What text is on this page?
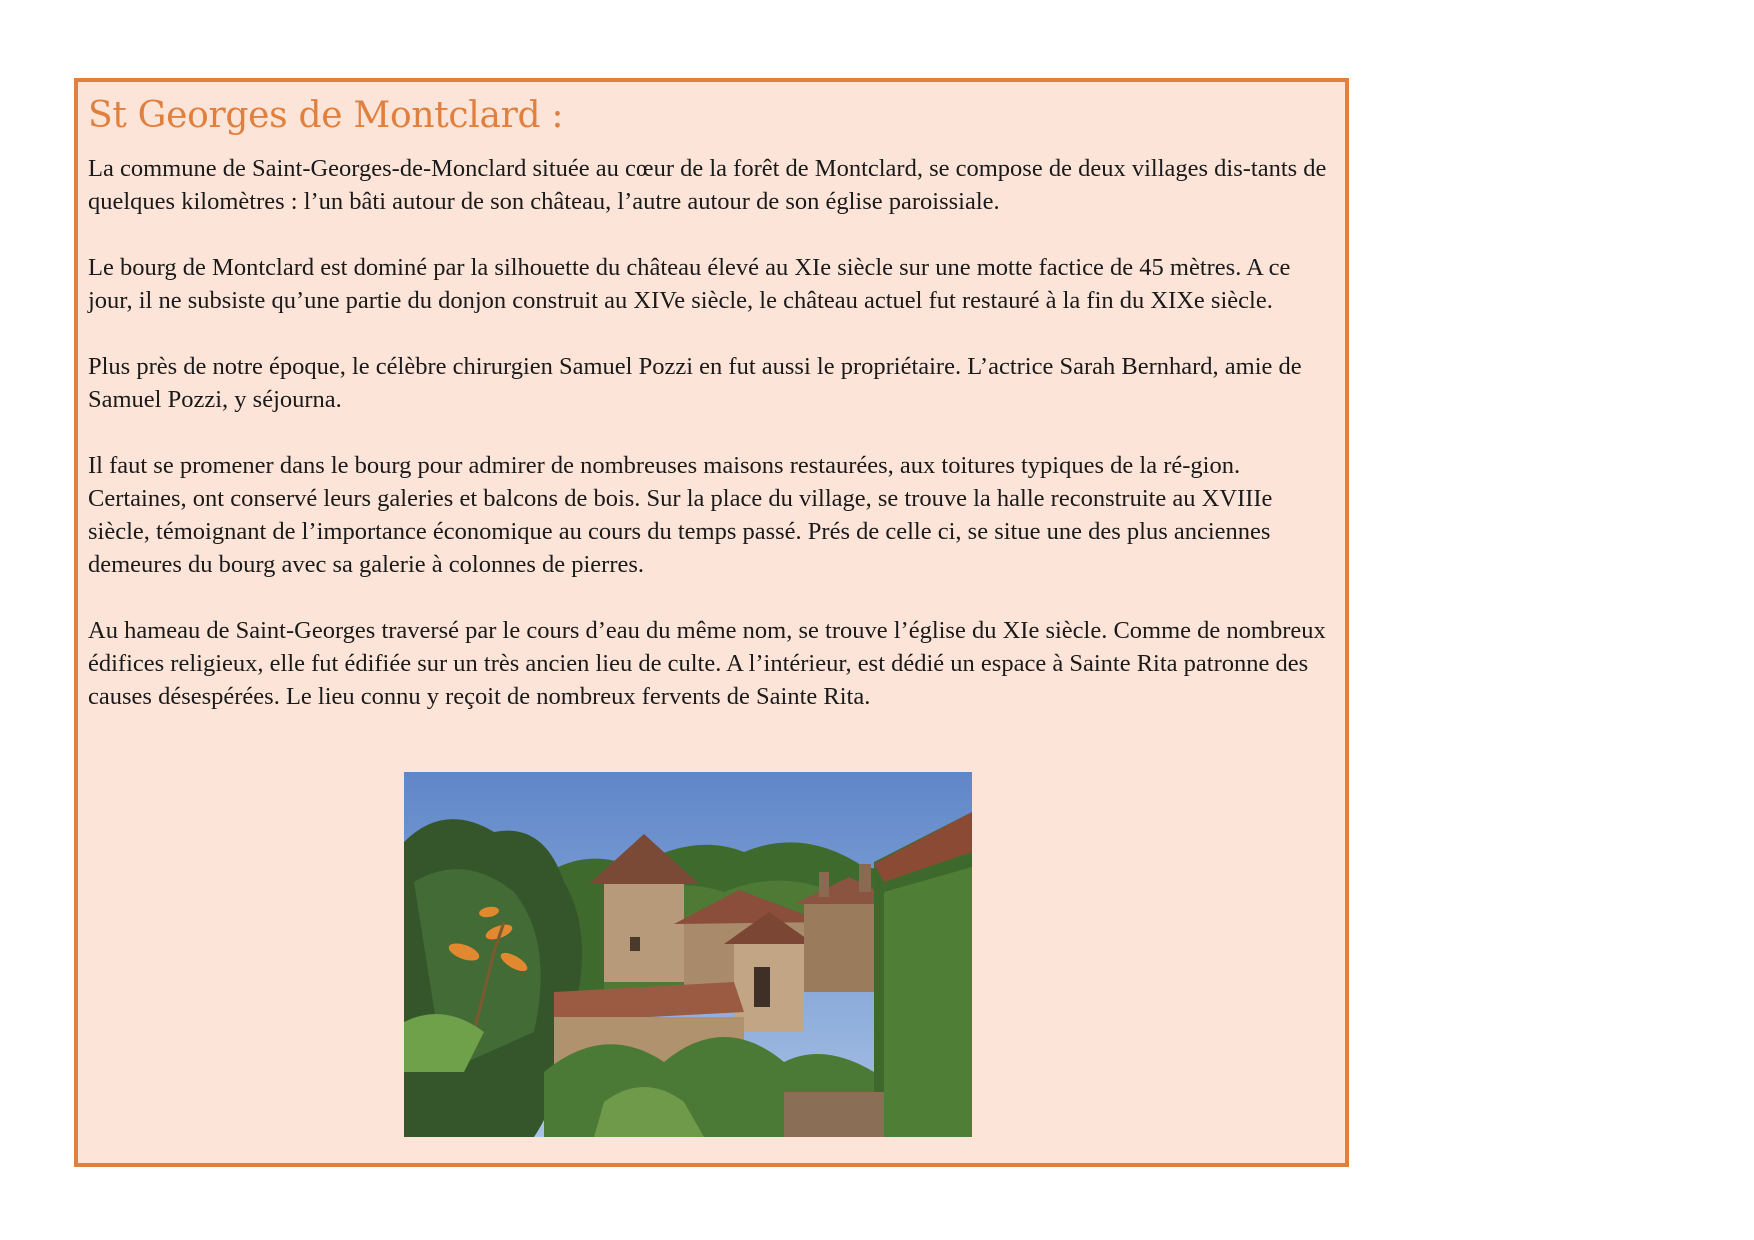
St Georges de Montclard :

La commune de Saint-Georges-de-Monclard située au cœur de la forêt de Montclard, se compose de deux villages dis-tants de quelques kilomètres : l’un bâti autour de son château, l’autre autour de son église paroissiale.

Le bourg de Montclard est dominé par la silhouette du château élevé au XIe siècle sur une motte factice de 45 mètres. A ce jour, il ne subsiste qu’une partie du donjon construit au XIVe siècle, le château actuel fut restauré à la fin du XIXe siècle.

Plus près de notre époque, le célèbre chirurgien Samuel Pozzi en fut aussi le propriétaire. L’actrice Sarah Bernhard, amie de Samuel Pozzi, y séjourna.

Il faut se promener dans le bourg pour admirer de nombreuses maisons restaurées, aux toitures typiques de la ré-gion. Certaines, ont conservé leurs galeries et balcons de bois. Sur la place du village, se trouve la halle reconstruite au XVIIIe siècle, témoignant de l’importance économique au cours du temps passé. Prés de celle ci, se situe une des plus anciennes demeures du bourg avec sa galerie à colonnes de pierres.

Au hameau de Saint-Georges traversé par le cours d’eau du même nom, se trouve l’église du XIe siècle. Comme de nombreux édifices religieux, elle fut édifiée sur un très ancien lieu de culte. A l’intérieur, est dédié un espace à Sainte Rita patronne des causes désespérées. Le lieu connu y reçoit de nombreux fervents de Sainte Rita.
